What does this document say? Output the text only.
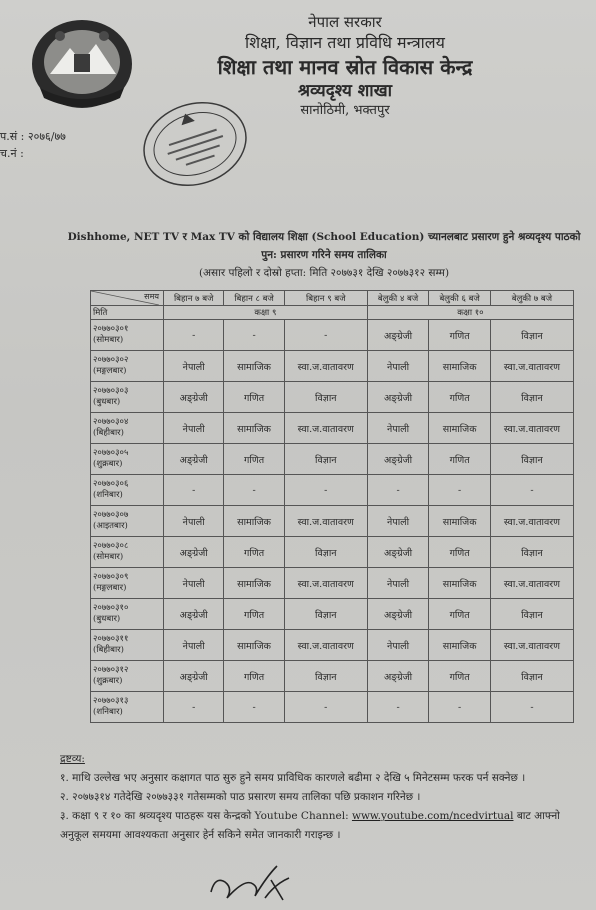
नेपाल सरकार
शिक्षा, विज्ञान तथा प्रविधि मन्त्रालय
शिक्षा तथा मानव स्रोत विकास केन्द्र
श्रव्यदृश्य शाखा
सानोठिमी, भक्तपुर
प.सं : २०७६/७७
च.नं :
Dishhome, NET TV र Max TV को विद्यालय शिक्षा (School Education) च्यानलबाट प्रसारण हुने श्रव्यदृश्य पाठको
पुन: प्रसारण गरिने समय तालिका
(असार पहिलो र दोस्रो हप्ता: मिति २०७७३१ देखि २०७७३१२ सम्म)
समय	बिहान ७ बजे	बिहान ८ बजे	बिहान ९ बजे	बेलुकी ४ बजे	बेलुकी ६ बजे	बेलुकी ७ बजे
मिति	कक्षा ९			कक्षा १०		

२०७७०३०१
(सोमबार)	-	-	-	अङ्ग्रेजी	गणित	विज्ञान

२०७७०३०२
(मङ्गलबार)	नेपाली	सामाजिक	स्वा.ज.वातावरण	नेपाली	सामाजिक	स्वा.ज.वातावरण

२०७७०३०३
(बुधबार)	अङ्ग्रेजी	गणित	विज्ञान	अङ्ग्रेजी	गणित	विज्ञान

२०७७०३०४
(बिहीबार)	नेपाली	सामाजिक	स्वा.ज.वातावरण	नेपाली	सामाजिक	स्वा.ज.वातावरण

२०७७०३०५
(शुक्रबार)	अङ्ग्रेजी	गणित	विज्ञान	अङ्ग्रेजी	गणित	विज्ञान

२०७७०३०६
(शनिबार)	-	-	-	-	-	-

२०७७०३०७
(आइतबार)	नेपाली	सामाजिक	स्वा.ज.वातावरण	नेपाली	सामाजिक	स्वा.ज.वातावरण

२०७७०३०८
(सोमबार)	अङ्ग्रेजी	गणित	विज्ञान	अङ्ग्रेजी	गणित	विज्ञान

२०७७०३०९
(मङ्गलबार)	नेपाली	सामाजिक	स्वा.ज.वातावरण	नेपाली	सामाजिक	स्वा.ज.वातावरण

२०७७०३१०
(बुधबार)	अङ्ग्रेजी	गणित	विज्ञान	अङ्ग्रेजी	गणित	विज्ञान

२०७७०३११
(बिहीबार)	नेपाली	सामाजिक	स्वा.ज.वातावरण	नेपाली	सामाजिक	स्वा.ज.वातावरण

२०७७०३१२
(शुक्रबार)	अङ्ग्रेजी	गणित	विज्ञान	अङ्ग्रेजी	गणित	विज्ञान

२०७७०३१३
(शनिबार)	-	-	-	-	-	-
द्रष्टव्य:
१. माथि उल्लेख भए अनुसार कक्षागत पाठ सुरु हुने समय प्राविधिक कारणले बढीमा २ देखि ५ मिनेटसम्म फरक पर्न सक्नेछ ।
२. २०७७३१४ गतेदेखि २०७७३३१ गतेसम्मको पाठ प्रसारण समय तालिका पछि प्रकाशन गरिनेछ ।
३. कक्षा ९ र १० का श्रव्यदृश्य पाठहरू यस केन्द्रको Youtube Channel: www.youtube.com/ncedvirtual बाट आफ्नो अनुकूल समयमा आवश्यकता अनुसार हेर्न सकिने समेत जानकारी गराइन्छ ।
